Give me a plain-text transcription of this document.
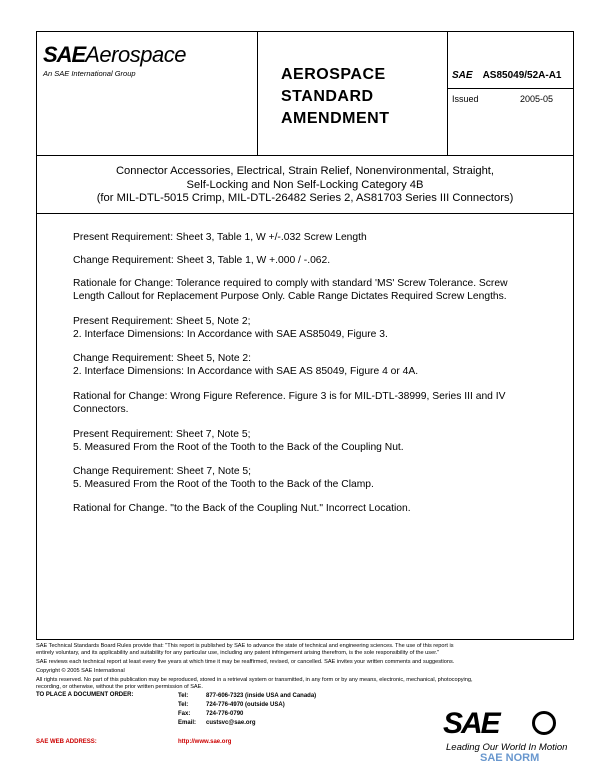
SAEAerospace
An SAE International Group	AEROSPACE
STANDARD
AMENDMENT
SAE AS85049/52A-A1
Issued	2005-05
Connector Accessories, Electrical, Strain Relief, Nonenvironmental, Straight,
Self-Locking and Non Self-Locking Category 4B
(for MIL-DTL-5015 Crimp, MIL-DTL-26482 Series 2, AS81703 Series III Connectors)
Present Requirement: Sheet 3, Table 1, W +/-.032 Screw Length
Change Requirement: Sheet 3, Table 1, W +.000 / -.062.
Rationale for Change: Tolerance required to comply with standard 'MS' Screw Tolerance. Screw
Length Callout for Replacement Purpose Only. Cable Range Dictates Required Screw Lengths.
Present Requirement: Sheet 5, Note 2;
2. Interface Dimensions: In Accordance with SAE AS85049, Figure 3.
Change Requirement: Sheet 5, Note 2:
2. Interface Dimensions: In Accordance with SAE AS 85049, Figure 4 or 4A.
Rational for Change: Wrong Figure Reference. Figure 3 is for MIL-DTL-38999, Series III and IV
Connectors.
Present Requirement: Sheet 7, Note 5;
5. Measured From the Root of the Tooth to the Back of the Coupling Nut.
Change Requirement: Sheet 7, Note 5;
5. Measured From the Root of the Tooth to the Back of the Clamp.
Rational for Change. "to the Back of the Coupling Nut." Incorrect Location.
SAE Technical Standards Board Rules provide that: "This report is published by SAE to advance the state of technical and engineering sciences. The use of this report is
entirely voluntary, and its applicability and suitability for any particular use, including any patent infringement arising therefrom, is the sole responsibility of the user."
SAE reviews each technical report at least every five years at which time it may be reaffirmed, revised, or cancelled. SAE invites your written comments and suggestions.
Copyright © 2005 SAE International
All rights reserved. No part of this publication may be reproduced, stored in a retrieval system or transmitted, in any form or by any means, electronic, mechanical, photocopying,
recording, or otherwise, without the prior written permission of SAE.
TO PLACE A DOCUMENT ORDER:	Tel:	877-606-7323 (inside USA and Canada)
Tel:	724-776-4970 (outside USA)
Fax:	724-776-0790
Email: custsvc@sae.org
SAE WEB ADDRESS:	http://www.sae.org
SAE
Leading Our World In Motion
SAE NORM
